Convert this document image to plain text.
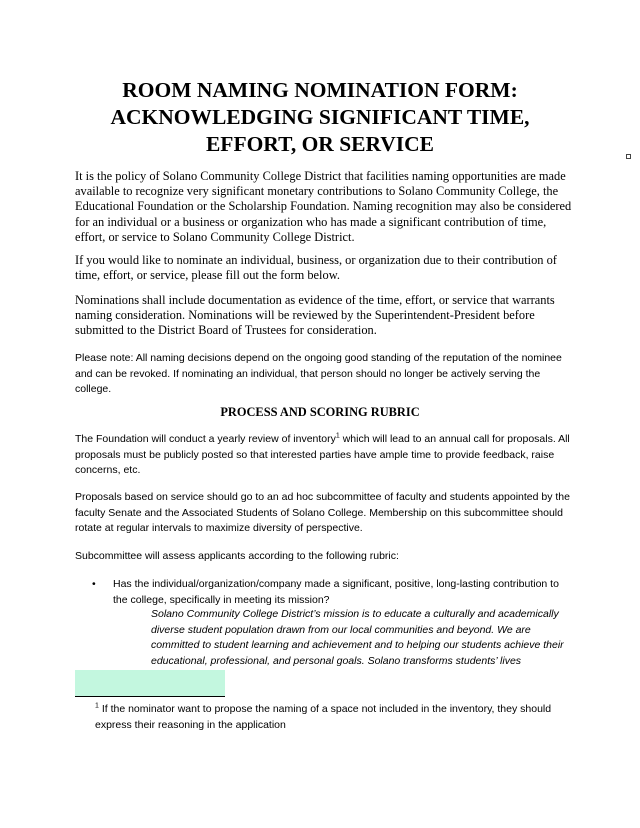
ROOM NAMING NOMINATION FORM:
ACKNOWLEDGING SIGNIFICANT TIME,
EFFORT, OR SERVICE

It is the policy of Solano Community College District that facilities naming opportunities are made available to recognize very significant monetary contributions to Solano Community College, the Educational Foundation or the Scholarship Foundation. Naming recognition may also be considered for an individual or a business or organization who has made a significant contribution of time, effort, or service to Solano Community College District.

If you would like to nominate an individual, business, or organization due to their contribution of time, effort, or service, please fill out the form below.

Nominations shall include documentation as evidence of the time, effort, or service that warrants naming consideration. Nominations will be reviewed by the Superintendent-President before submitted to the District Board of Trustees for consideration.

Please note: All naming decisions depend on the ongoing good standing of the reputation of the nominee and can be revoked. If nominating an individual, that person should no longer be actively serving the college.

PROCESS AND SCORING RUBRIC

The Foundation will conduct a yearly review of inventory$^1$ which will lead to an annual call for proposals. All proposals must be publicly posted so that interested parties have ample time to provide feedback, raise concerns, etc.

Proposals based on service should go to an ad hoc subcommittee of faculty and students appointed by the faculty Senate and the Associated Students of Solano College. Membership on this subcommittee should rotate at regular intervals to maximize diversity of perspective.

Subcommittee will assess applicants according to the following rubric:

• Has the individual/organization/company made a significant, positive, long-lasting contribution to the college, specifically in meeting its mission?

Solano Community College District’s mission is to educate a culturally and academically diverse student population drawn from our local communities and beyond. We are committed to student learning and achievement and to helping our students achieve their educational, professional, and personal goals. Solano transforms students’ lives

$^1$ If the nominator want to propose the naming of a space not included in the inventory, they should express their reasoning in the application
